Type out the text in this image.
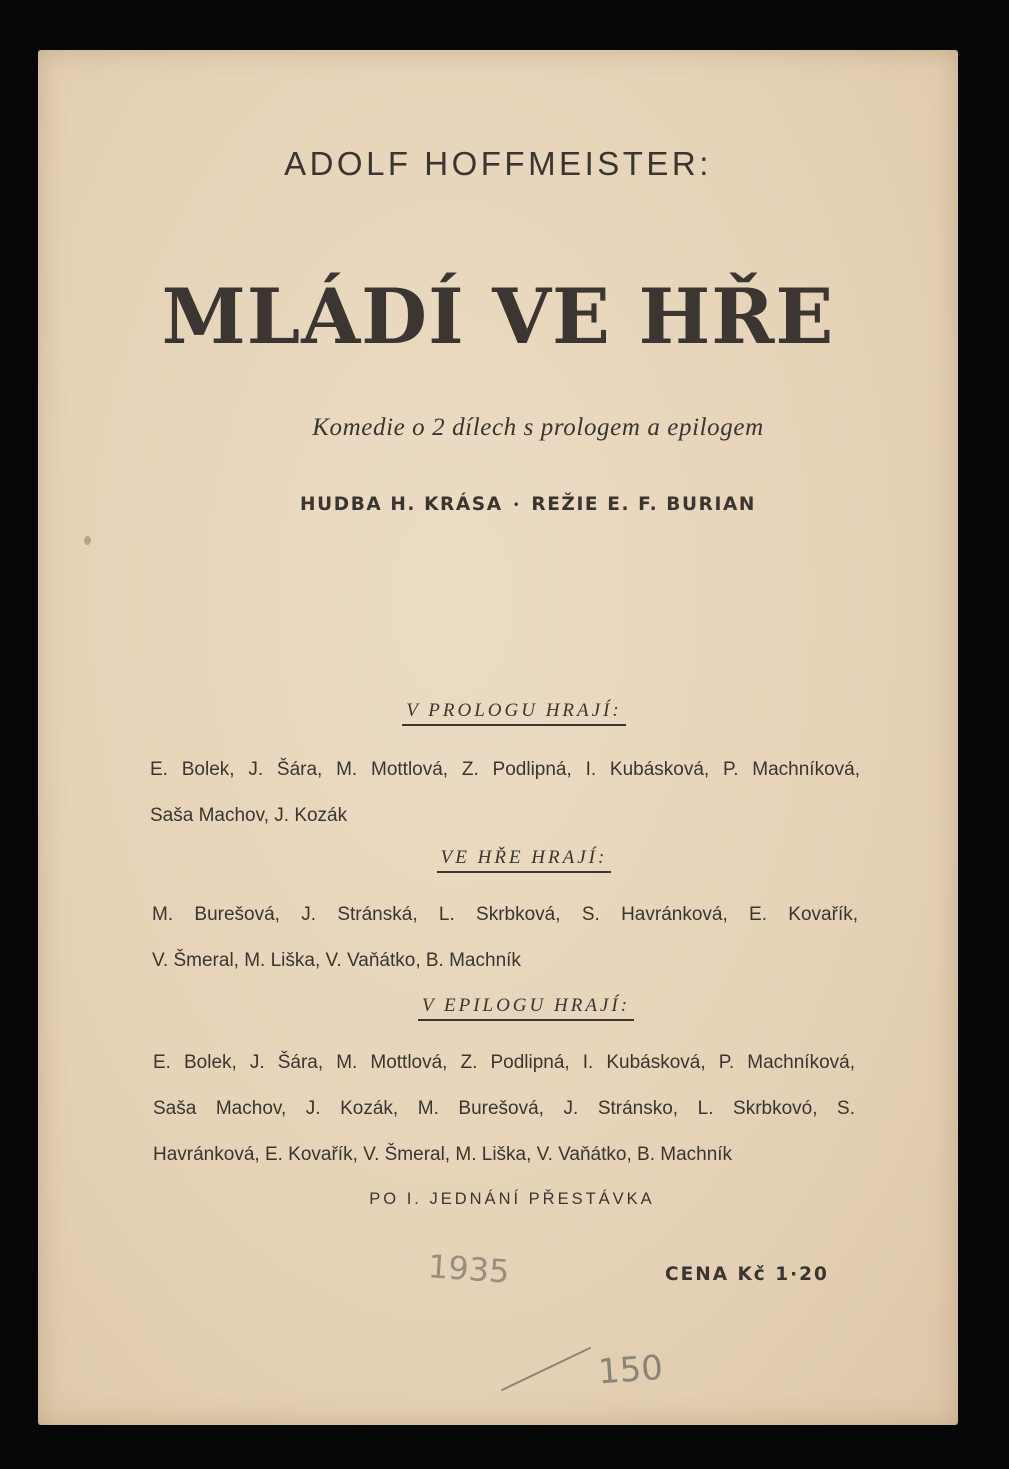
ADOLF HOFFMEISTER:
MLÁDÍ VE HŘE
Komedie o 2 dílech s prologem a epilogem
HUDBA H. KRÁSA • REŽIE E. F. BURIAN
V PROLOGU HRAJÍ:
E. Bolek, J. Šára, M. Mottlová, Z. Podlipná, I. Kubásková, P. Machníková,
Saša Machov, J. Kozák
VE HŘE HRAJÍ:
M. Burešová, J. Stránská, L. Skrbková, S. Havránková, E. Kovařík,
V. Šmeral, M. Liška, V. Vaňátko, B. Machník
V EPILOGU HRAJÍ:
E. Bolek, J. Šára, M. Mottlová, Z. Podlipná, I. Kubásková, P. Machníková,
Saša Machov, J. Kozák, M. Burešová, J. Stránsko, L. Skrbkovó, S.
Havránková, E. Kovařík, V. Šmeral, M. Liška, V. Vaňátko, B. Machník
PO I. JEDNÁNÍ PŘESTÁVKA
CENA Kč 1·20
1935
150
